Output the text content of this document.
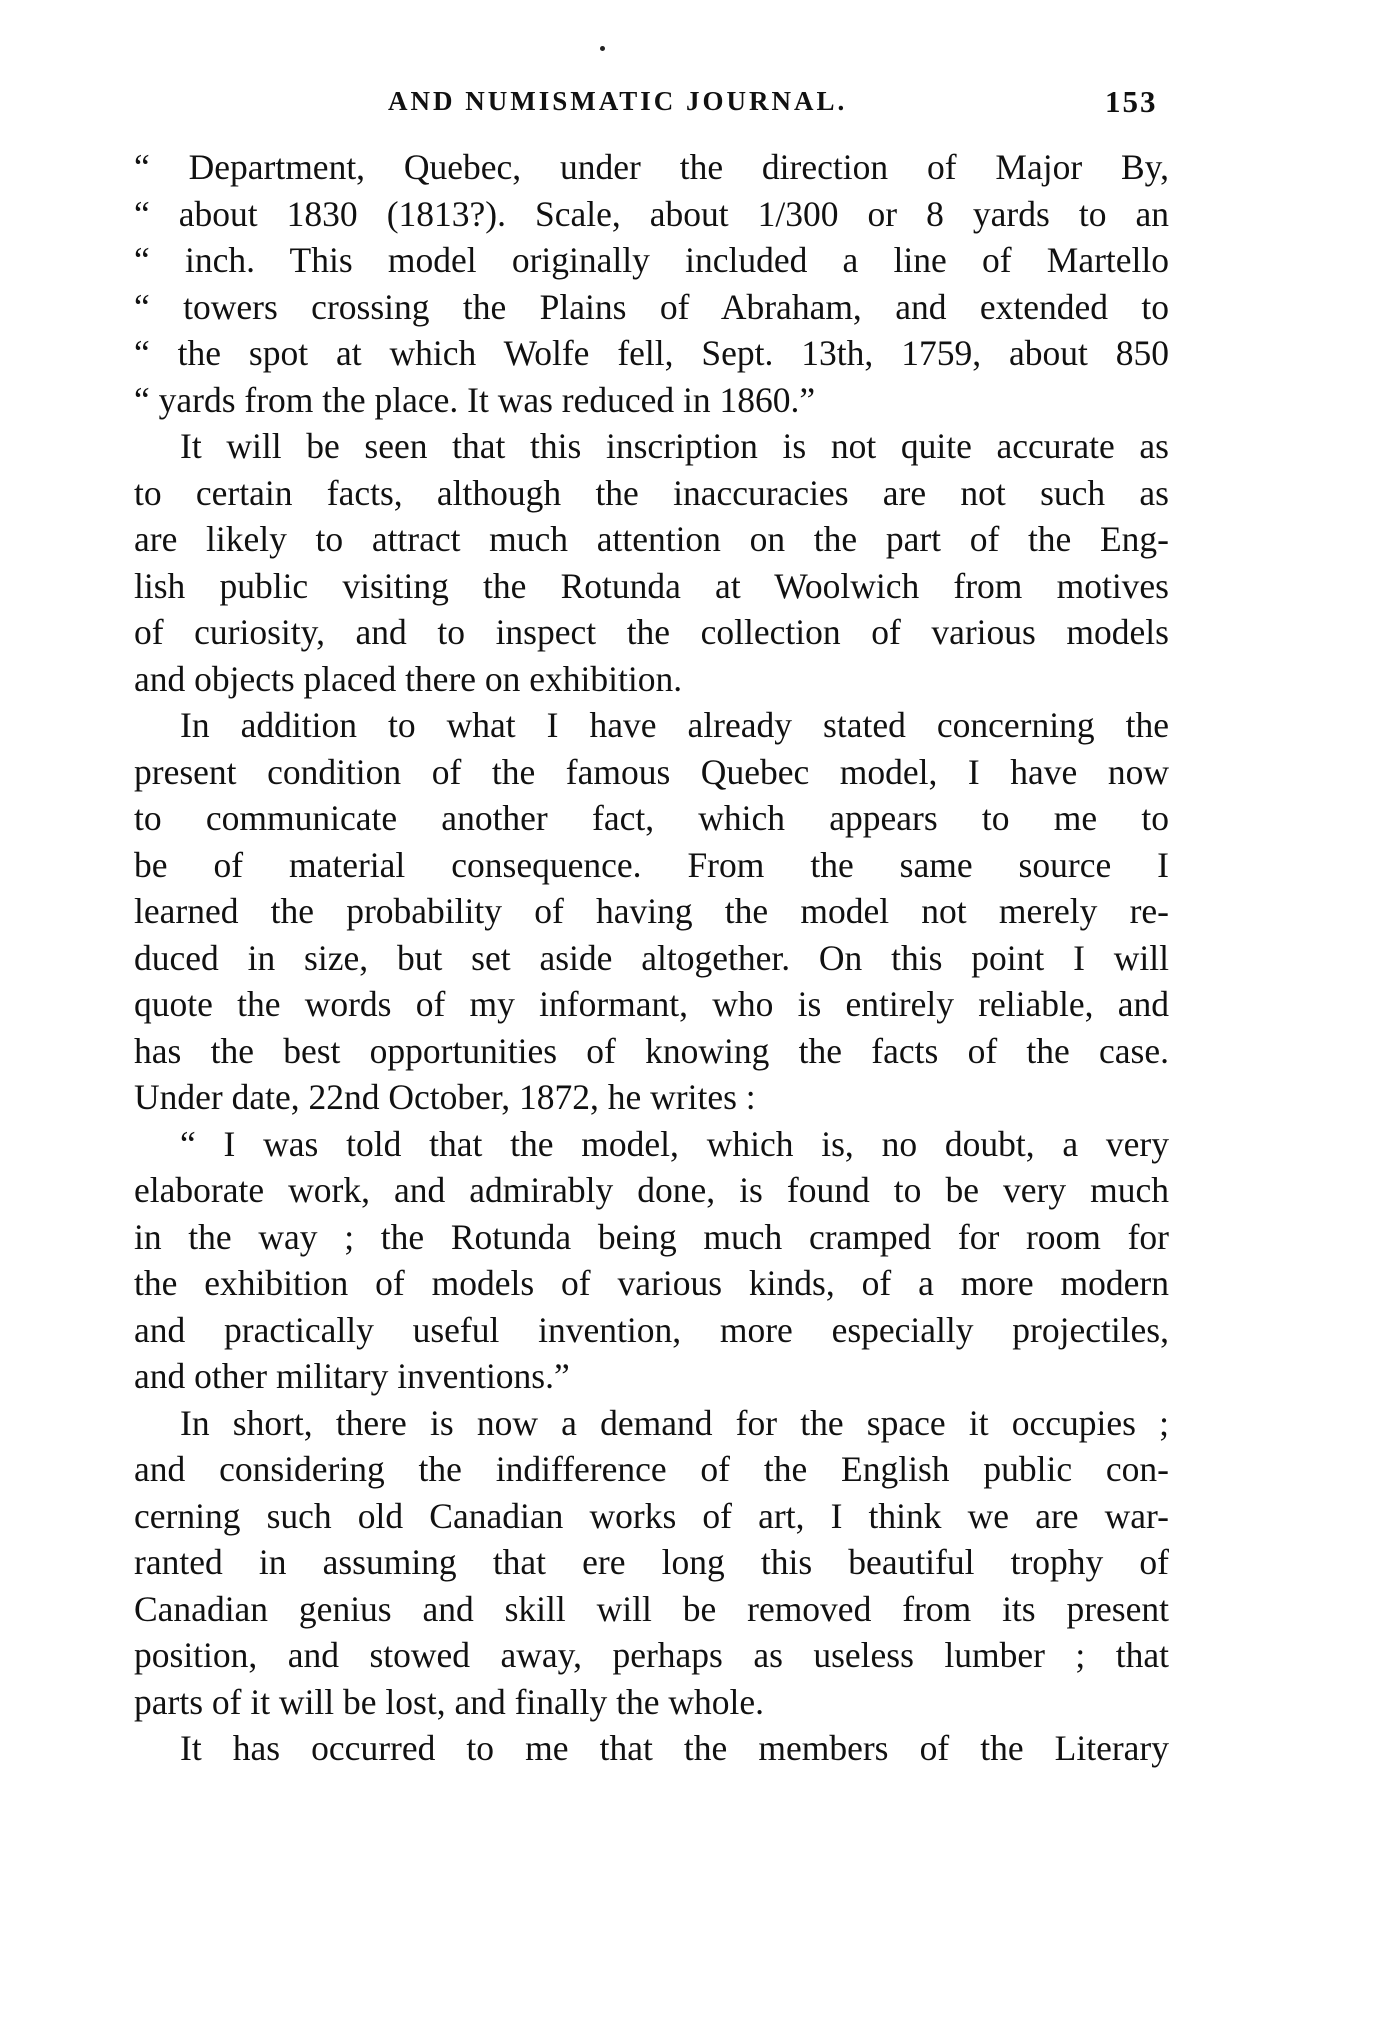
AND NUMISMATIC JOURNAL.	153
“ Department, Quebec, under the direction of Major By,
“ about 1830 (1813?). Scale, about 1/300 or 8 yards to an
“ inch. This model originally included a line of Martello
“ towers crossing the Plains of Abraham, and extended to
“ the spot at which Wolfe fell, Sept. 13th, 1759, about 850
“ yards from the place. It was reduced in 1860.”
It will be seen that this inscription is not quite accurate as
to certain facts, although the inaccuracies are not such as
are likely to attract much attention on the part of the Eng-
lish public visiting the Rotunda at Woolwich from motives
of curiosity, and to inspect the collection of various models
and objects placed there on exhibition.
In addition to what I have already stated concerning the
present condition of the famous Quebec model, I have now
to communicate another fact, which appears to me to
be of material consequence. From the same source I
learned the probability of having the model not merely re-
duced in size, but set aside altogether. On this point I will
quote the words of my informant, who is entirely reliable, and
has the best opportunities of knowing the facts of the case.
Under date, 22nd October, 1872, he writes :
“ I was told that the model, which is, no doubt, a very
elaborate work, and admirably done, is found to be very much
in the way ; the Rotunda being much cramped for room for
the exhibition of models of various kinds, of a more modern
and practically useful invention, more especially projectiles,
and other military inventions.”
In short, there is now a demand for the space it occupies ;
and considering the indifference of the English public con-
cerning such old Canadian works of art, I think we are war-
ranted in assuming that ere long this beautiful trophy of
Canadian genius and skill will be removed from its present
position, and stowed away, perhaps as useless lumber ; that
parts of it will be lost, and finally the whole.
It has occurred to me that the members of the Literary
